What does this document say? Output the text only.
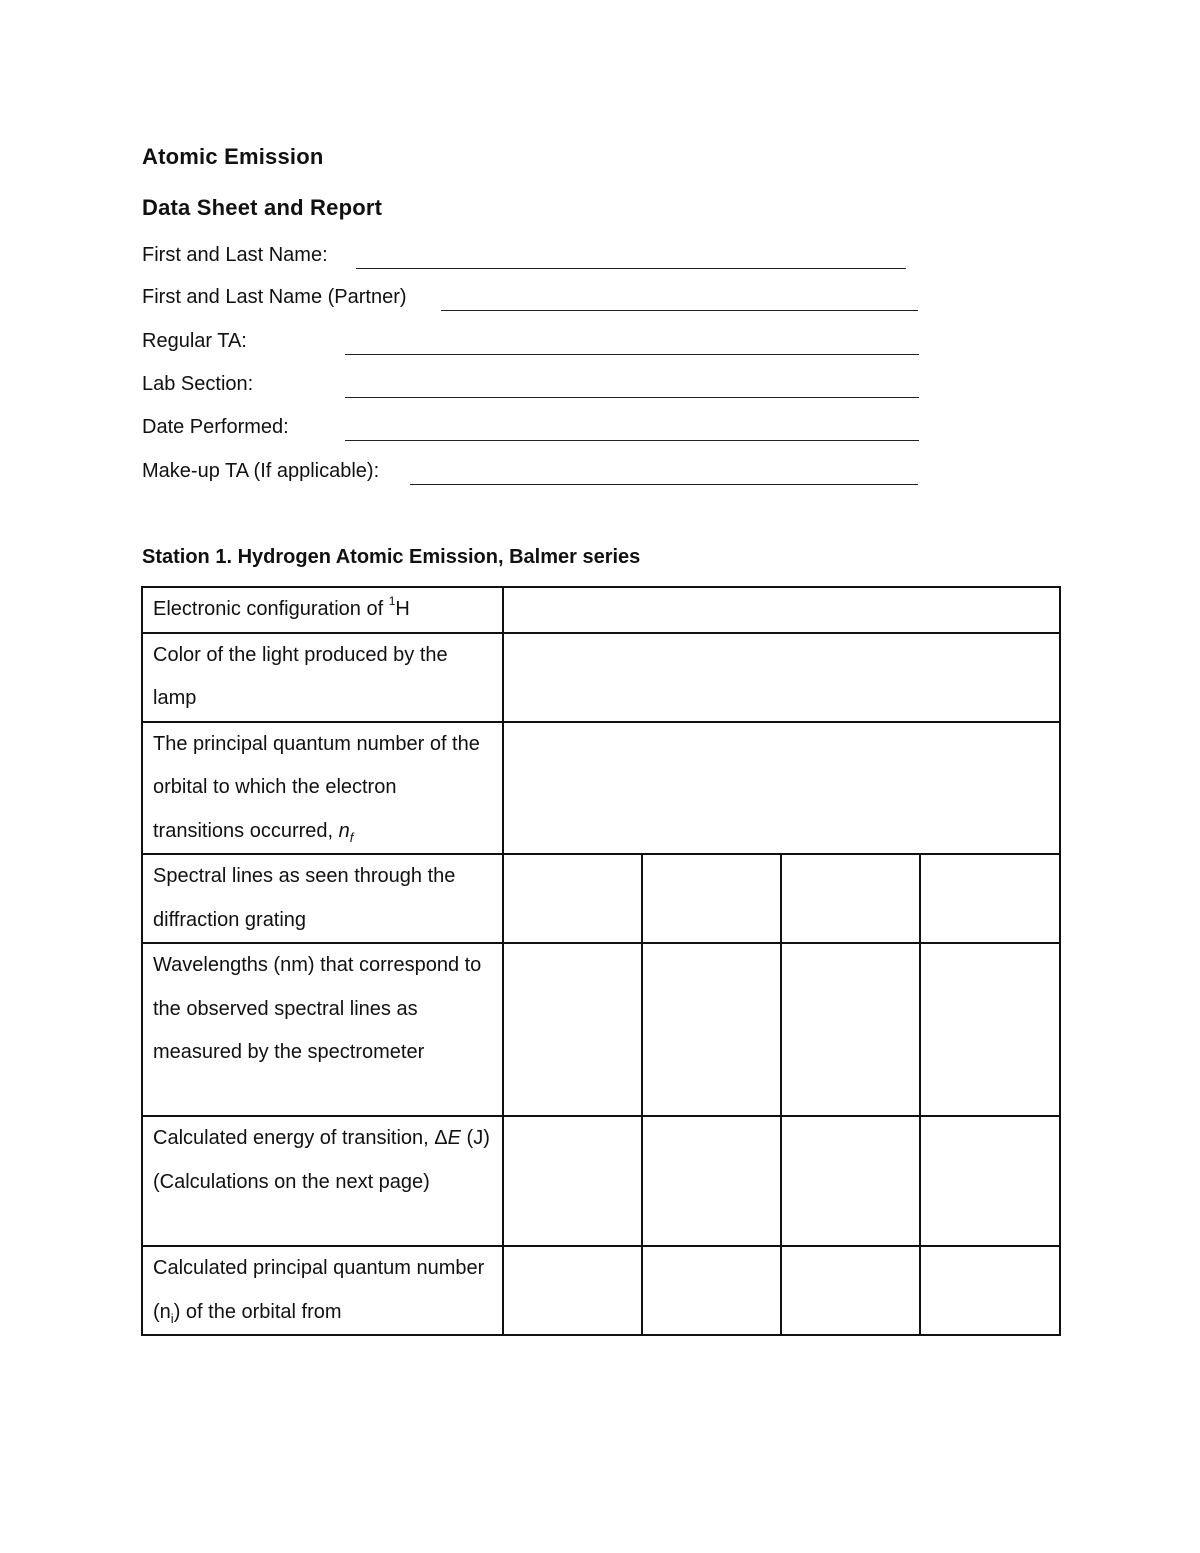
Atomic Emission
Data Sheet and Report
First and Last Name:
First and Last Name (Partner)
Regular TA:
Lab Section:
Date Performed:
Make-up TA (If applicable):
Station 1. Hydrogen Atomic Emission, Balmer series
Electronic configuration of $^1$H				
Color of the light produced by the lamp				
The principal quantum number of the orbital to which the electron transitions occurred, $n_f$	
Spectral lines as seen through the diffraction grating				
Wavelengths (nm) that correspond to the observed spectral lines as measured by the spectrometer				
Calculated energy of transition, ΔE (J) (Calculations on the next page)				
Calculated principal quantum number $(n_i)$ of the orbital from				
